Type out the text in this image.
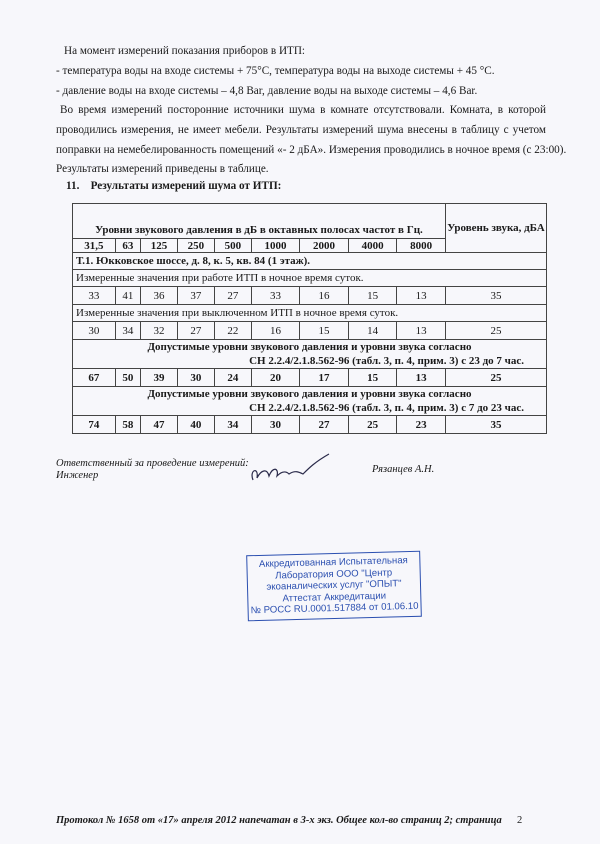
На момент измерений показания приборов в ИТП:
- температура воды на входе системы + 75°С, температура воды на выходе системы + 45 °С.
- давление воды на входе системы – 4,8 Bar, давление воды на выходе системы – 4,6 Bar.
Во время измерений посторонние источники шума в комнате отсутствовали. Комната, в которой
проводились измерения, не имеет мебели. Результаты измерений шума внесены в таблицу с учетом
поправки на немебелированность помещений «- 2 дБА». Измерения проводились в ночное время (с 23:00).
Результаты измерений приведены в таблице.
11. Результаты измерений шума от ИТП:
Уровни звукового давления в дБ в октавных полосах частот в Гц.									Уровень звука, дБА
31,5	63	125	250	500	1000	2000	4000	8000	
Т.1. Юкковское шоссе, д. 8, к. 5, кв. 84 (1 этаж).									
Измеренные значения при работе ИТП в ночное время суток.									
33	41	36	37	27	33	16	15	13	35
Измеренные значения при выключенном ИТП в ночное время суток.									
30	34	32	27	22	16	15	14	13	25

Допустимые уровни звукового давления и уровни звука согласно
СН 2.2.4/2.1.8.562-96 (табл. 3, п. 4, прим. 3) с 23 до 7 час.									

67	50	39	30	24	20	17	15	13	25

Допустимые уровни звукового давления и уровни звука согласно
СН 2.2.4/2.1.8.562-96 (табл. 3, п. 4, прим. 3) с 7 до 23 час.									

74	58	47	40	34	30	27	25	23	35
Ответственный за проведение измерений:
Инженер
Рязанцев А.Н.
Аккредитованная Испытательная
Лаборатория ООО "Центр
экоаналических услуг "ОПЫТ"
Аттестат Аккредитации
№ РОСС RU.0001.517884 от 01.06.10
Протокол № 1658 от «17» апреля 2012 напечатан в 3-х экз. Общее кол-во страниц 2; страница 2
